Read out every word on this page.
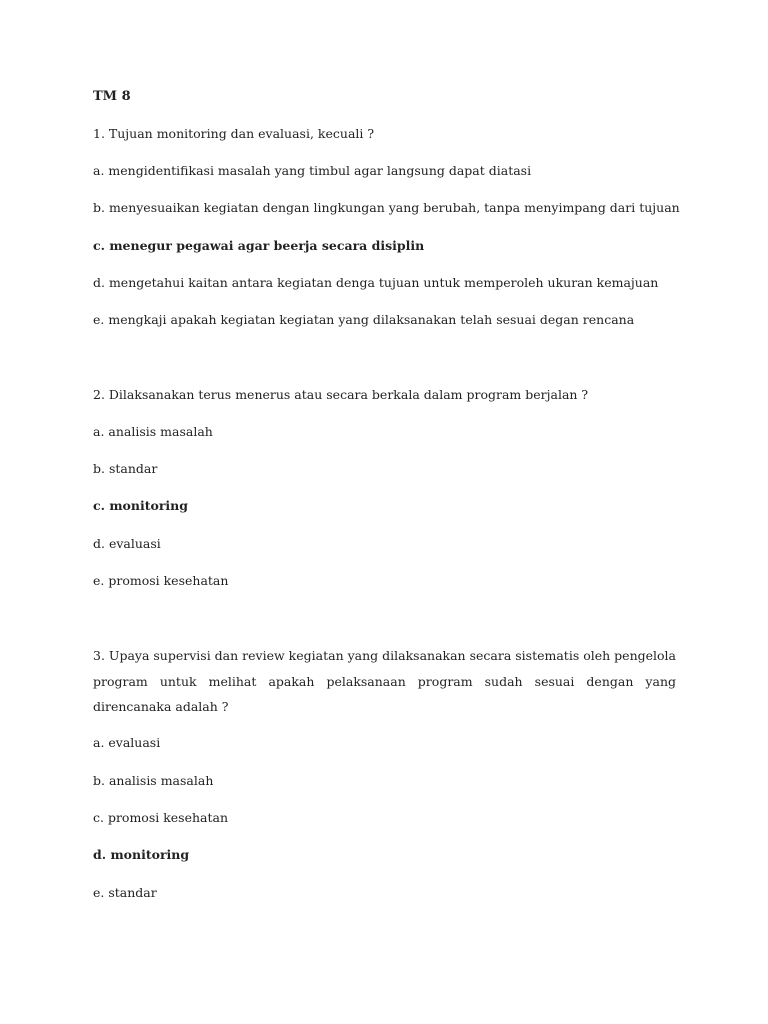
TM 8
1. Tujuan monitoring dan evaluasi, kecuali ?
a. mengidentifikasi masalah yang timbul agar langsung dapat diatasi
b. menyesuaikan kegiatan dengan lingkungan yang berubah, tanpa menyimpang dari tujuan
c. menegur pegawai agar beerja secara disiplin
d. mengetahui kaitan antara kegiatan denga tujuan untuk memperoleh ukuran kemajuan
e. mengkaji apakah kegiatan kegiatan yang dilaksanakan telah sesuai degan rencana
2. Dilaksanakan terus menerus atau secara berkala dalam program berjalan ?
a. analisis masalah
b. standar
c. monitoring
d. evaluasi
e. promosi kesehatan
3. Upaya supervisi dan review kegiatan yang dilaksanakan secara sistematis oleh pengelola program untuk melihat apakah pelaksanaan program sudah sesuai dengan yang direncanaka adalah ?
a. evaluasi
b. analisis masalah
c. promosi kesehatan
d. monitoring
e. standar
